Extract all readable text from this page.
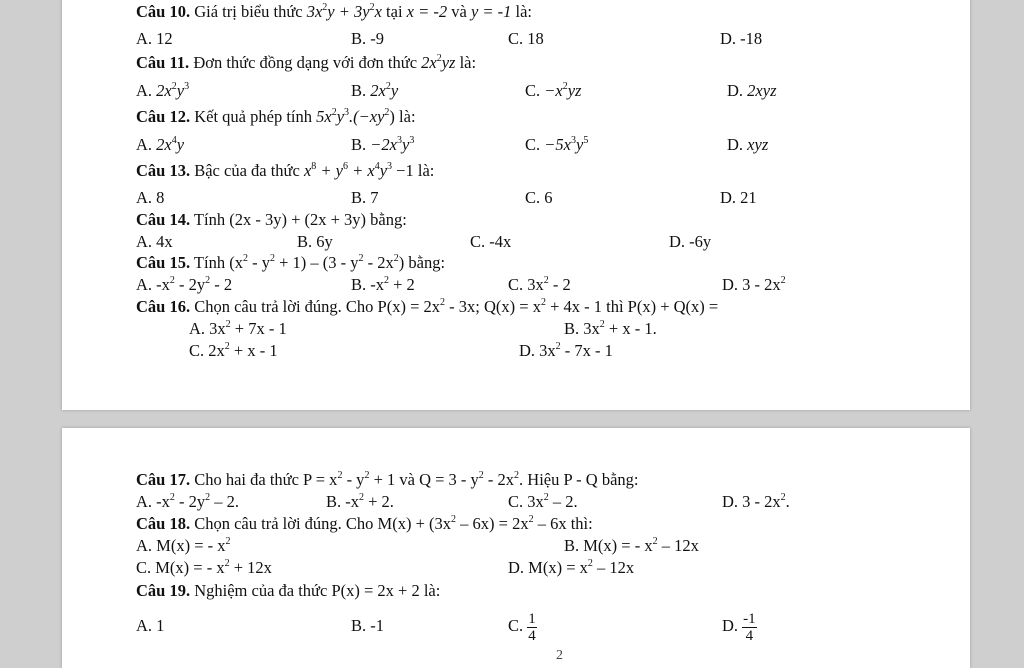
Câu 10. Giá trị biểu thức $3x^2y + 3y^2x$ tại x = -2 và y = -1 là:
A. 12	B. -9	C. 18	D. -18
Câu 11. Đơn thức đồng dạng với đơn thức $2x^2yz$ là:
A. $2x^2y^3$	B. $2x^2y$	C. $-x^2yz$	D. 2xyz
Câu 12. Kết quả phép tính $5x^2y^3.(-xy^2)$ là:
A. $2x^4y$	B. $-2x^3y^3$	C. $-5x^3y^5$	D. xyz
Câu 13. Bậc của đa thức $x^8 + y^6 + x^4y^3 -1$ là:
A. 8	B. 7	C. 6	D. 21
Câu 14. Tính (2x - 3y) + (2x + 3y) bằng:
A. 4x	B. 6y	C. -4x	D. -6y
Câu 15. Tính $(x^2 - y^2 + 1) - (3 - y^2 - 2x^2)$ bằng:
A. $-x^2 - 2y^2 - 2$	B. $-x^2 + 2$	C. $3x^2 - 2$	D. $3 - 2x^2$
Câu 16. Chọn câu trả lời đúng. Cho $P(x) = 2x^2 - 3x$; $Q(x) = x^2 + 4x - 1$ thì P(x) + Q(x) =
A. $3x^2 + 7x - 1$	B. $3x^2 + x - 1$.
C. $2x^2 + x - 1$	D. $3x^2 - 7x - 1$
Câu 17. Cho hai đa thức $P = x^2 - y^2 + 1$ và $Q = 3 - y^2 - 2x^2$. Hiệu P - Q bằng:
A. $-x^2 - 2y^2 - 2$.	B. $-x^2 + 2$.	C. $3x^2 - 2$.	D. $3 - 2x^2$.
Câu 18. Chọn câu trả lời đúng. Cho $M(x) + (3x^2 - 6x) = 2x^2 - 6x$ thì:
A. M(x) = - $x^2$	B. M(x) = - $x^2 - 12x$
C. M(x) = - $x^2 + 12x$	D. $M(x) = x^2 - 12x$
Câu 19. Nghiệm của đa thức P(x) = 2x + 2 là:
A. 1	B. -1	C. $\frac{1}{4}$	D. $\frac{-1}{4}$
2
